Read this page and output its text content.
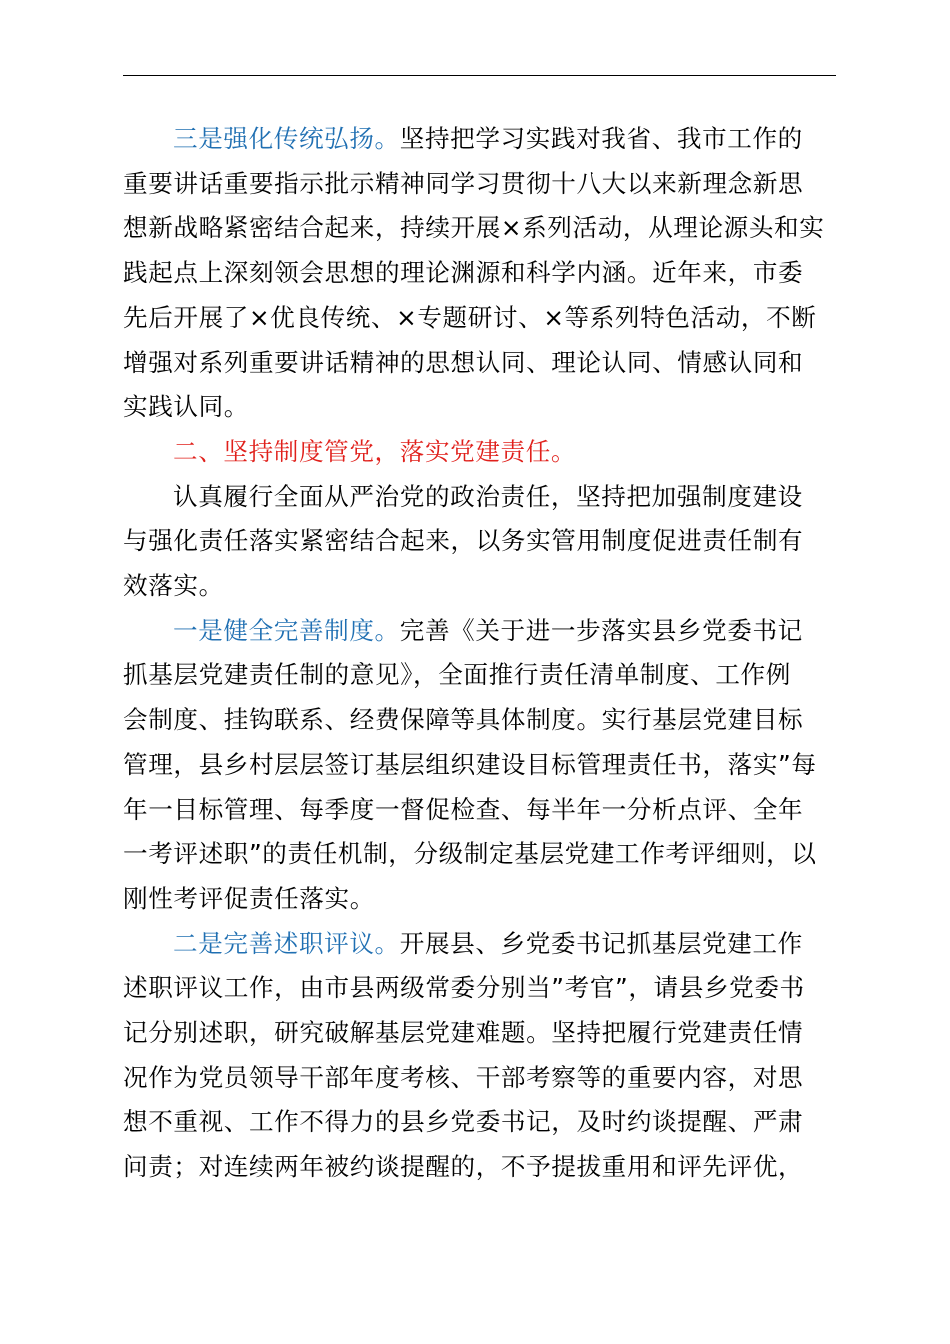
三是强化传统弘扬。坚持把学习实践对我省、我市工作的
重要讲话重要指示批示精神同学习贯彻十八大以来新理念新思
想新战略紧密结合起来，持续开展×系列活动，从理论源头和实
践起点上深刻领会思想的理论渊源和科学内涵。近年来，市委
先后开展了×优良传统、×专题研讨、×等系列特色活动，不断
增强对系列重要讲话精神的思想认同、理论认同、情感认同和
实践认同。

二、坚持制度管党，落实党建责任。

认真履行全面从严治党的政治责任，坚持把加强制度建设
与强化责任落实紧密结合起来，以务实管用制度促进责任制有
效落实。

一是健全完善制度。完善《关于进一步落实县乡党委书记
抓基层党建责任制的意见》，全面推行责任清单制度、工作例
会制度、挂钩联系、经费保障等具体制度。实行基层党建目标
管理，县乡村层层签订基层组织建设目标管理责任书，落实”每
年一目标管理、每季度一督促检查、每半年一分析点评、全年
一考评述职”的责任机制，分级制定基层党建工作考评细则，以
刚性考评促责任落实。

二是完善述职评议。开展县、乡党委书记抓基层党建工作
述职评议工作，由市县两级常委分别当”考官”，请县乡党委书
记分别述职，研究破解基层党建难题。坚持把履行党建责任情
况作为党员领导干部年度考核、干部考察等的重要内容，对思
想不重视、工作不得力的县乡党委书记，及时约谈提醒、严肃
问责；对连续两年被约谈提醒的，不予提拔重用和评先评优，
